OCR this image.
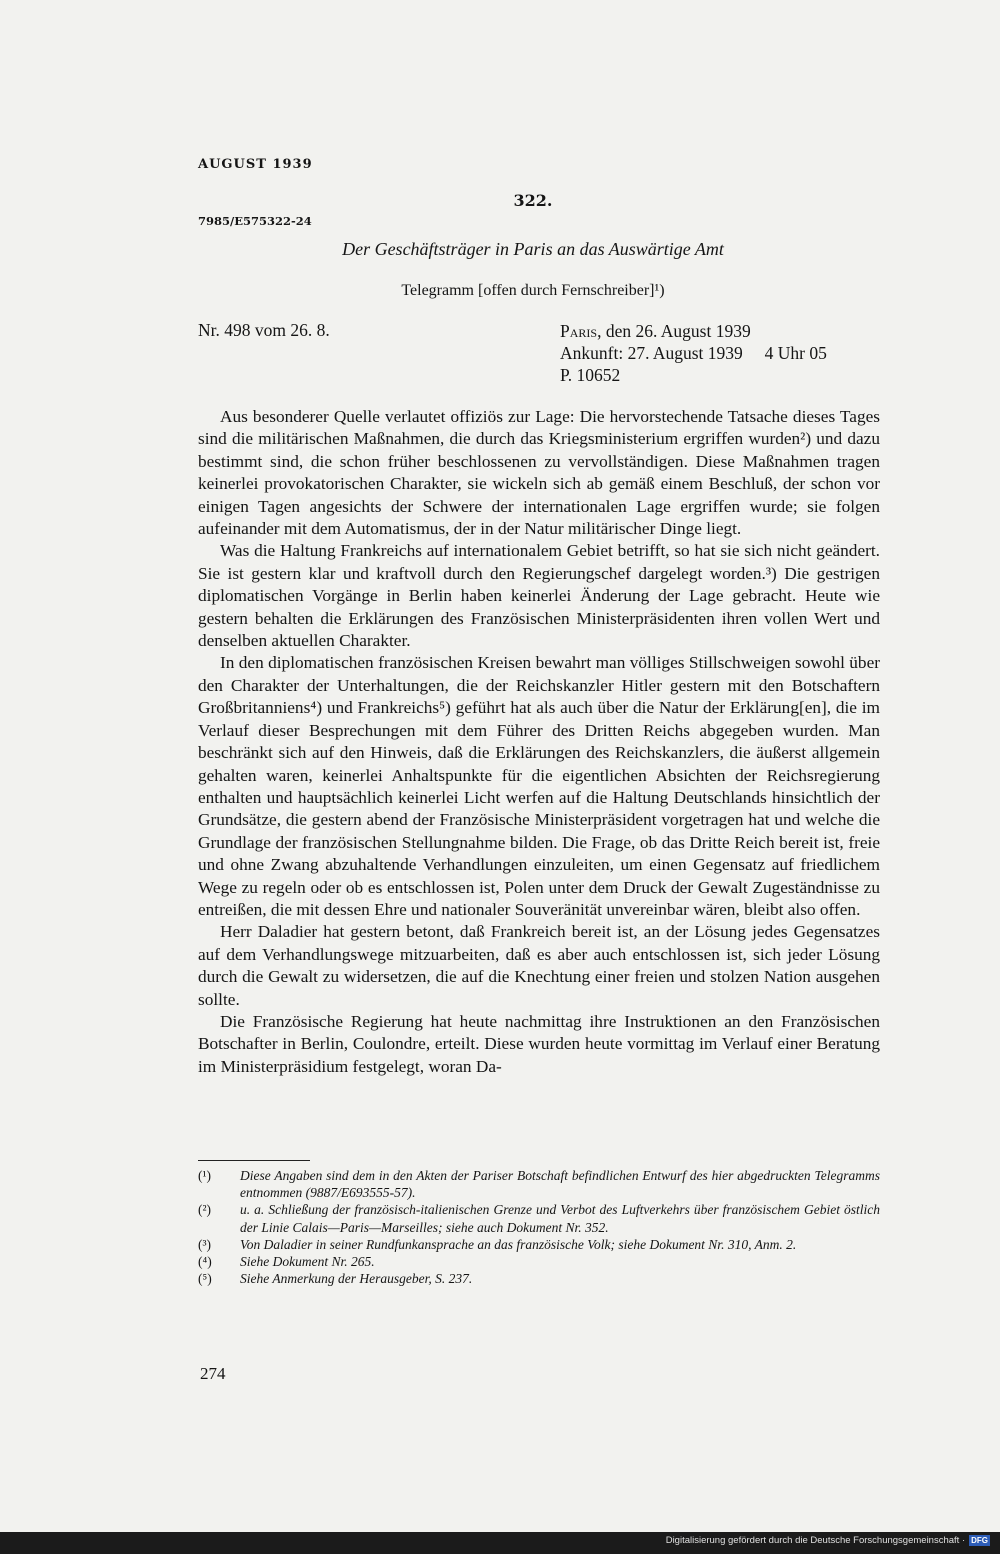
AUGUST 1939
322.
7985/E575322-24
Der Geschäftsträger in Paris an das Auswärtige Amt
Telegramm [offen durch Fernschreiber]¹)
Nr. 498 vom 26. 8.	Paris, den 26. August 1939
Ankunft: 27. August 1939     4 Uhr 05
P. 10652

Aus besonderer Quelle verlautet offiziös zur Lage: Die hervorstechende Tatsache dieses Tages sind die militärischen Maßnahmen, die durch das Kriegsministerium ergriffen wurden²) und dazu bestimmt sind, die schon früher beschlossenen zu vervollständigen. Diese Maßnahmen tragen keinerlei provokatorischen Charakter, sie wickeln sich ab gemäß einem Beschluß, der schon vor einigen Tagen angesichts der Schwere der internationalen Lage ergriffen wurde; sie folgen aufeinander mit dem Automatismus, der in der Natur militärischer Dinge liegt.

Was die Haltung Frankreichs auf internationalem Gebiet betrifft, so hat sie sich nicht geändert. Sie ist gestern klar und kraftvoll durch den Regierungschef dargelegt worden.³) Die gestrigen diplomatischen Vorgänge in Berlin haben keinerlei Änderung der Lage gebracht. Heute wie gestern behalten die Erklärungen des Französischen Ministerpräsidenten ihren vollen Wert und denselben aktuellen Charakter.

In den diplomatischen französischen Kreisen bewahrt man völliges Stillschweigen sowohl über den Charakter der Unterhaltungen, die der Reichskanzler Hitler gestern mit den Botschaftern Großbritanniens⁴) und Frankreichs⁵) geführt hat als auch über die Natur der Erklärung[en], die im Verlauf dieser Besprechungen mit dem Führer des Dritten Reichs abgegeben wurden. Man beschränkt sich auf den Hinweis, daß die Erklärungen des Reichskanzlers, die äußerst allgemein gehalten waren, keinerlei Anhaltspunkte für die eigentlichen Absichten der Reichsregierung enthalten und hauptsächlich keinerlei Licht werfen auf die Haltung Deutschlands hinsichtlich der Grundsätze, die gestern abend der Französische Ministerpräsident vorgetragen hat und welche die Grundlage der französischen Stellungnahme bilden. Die Frage, ob das Dritte Reich bereit ist, freie und ohne Zwang abzuhaltende Verhandlungen einzuleiten, um einen Gegensatz auf friedlichem Wege zu regeln oder ob es entschlossen ist, Polen unter dem Druck der Gewalt Zugeständnisse zu entreißen, die mit dessen Ehre und nationaler Souveränität unvereinbar wären, bleibt also offen.

Herr Daladier hat gestern betont, daß Frankreich bereit ist, an der Lösung jedes Gegensatzes auf dem Verhandlungswege mitzuarbeiten, daß es aber auch entschlossen ist, sich jeder Lösung durch die Gewalt zu widersetzen, die auf die Knechtung einer freien und stolzen Nation ausgehen sollte.

Die Französische Regierung hat heute nachmittag ihre Instruktionen an den Französischen Botschafter in Berlin, Coulondre, erteilt. Diese wurden heute vormittag im Verlauf einer Beratung im Ministerpräsidium festgelegt, woran Da-

(¹)	Diese Angaben sind dem in den Akten der Pariser Botschaft befindlichen Entwurf des hier abgedruckten Telegramms entnommen (9887/E693555-57).
(²)	u. a. Schließung der französisch-italienischen Grenze und Verbot des Luftverkehrs über französischem Gebiet östlich der Linie Calais—Paris—Marseilles; siehe auch Dokument Nr. 352.
(³)	Von Daladier in seiner Rundfunkansprache an das französische Volk; siehe Dokument Nr. 310, Anm. 2.
(⁴)	Siehe Dokument Nr. 265.
(⁵)	Siehe Anmerkung der Herausgeber, S. 237.
274
Digitalisierung gefördert durch die Deutsche Forschungsgemeinschaft · DFG
